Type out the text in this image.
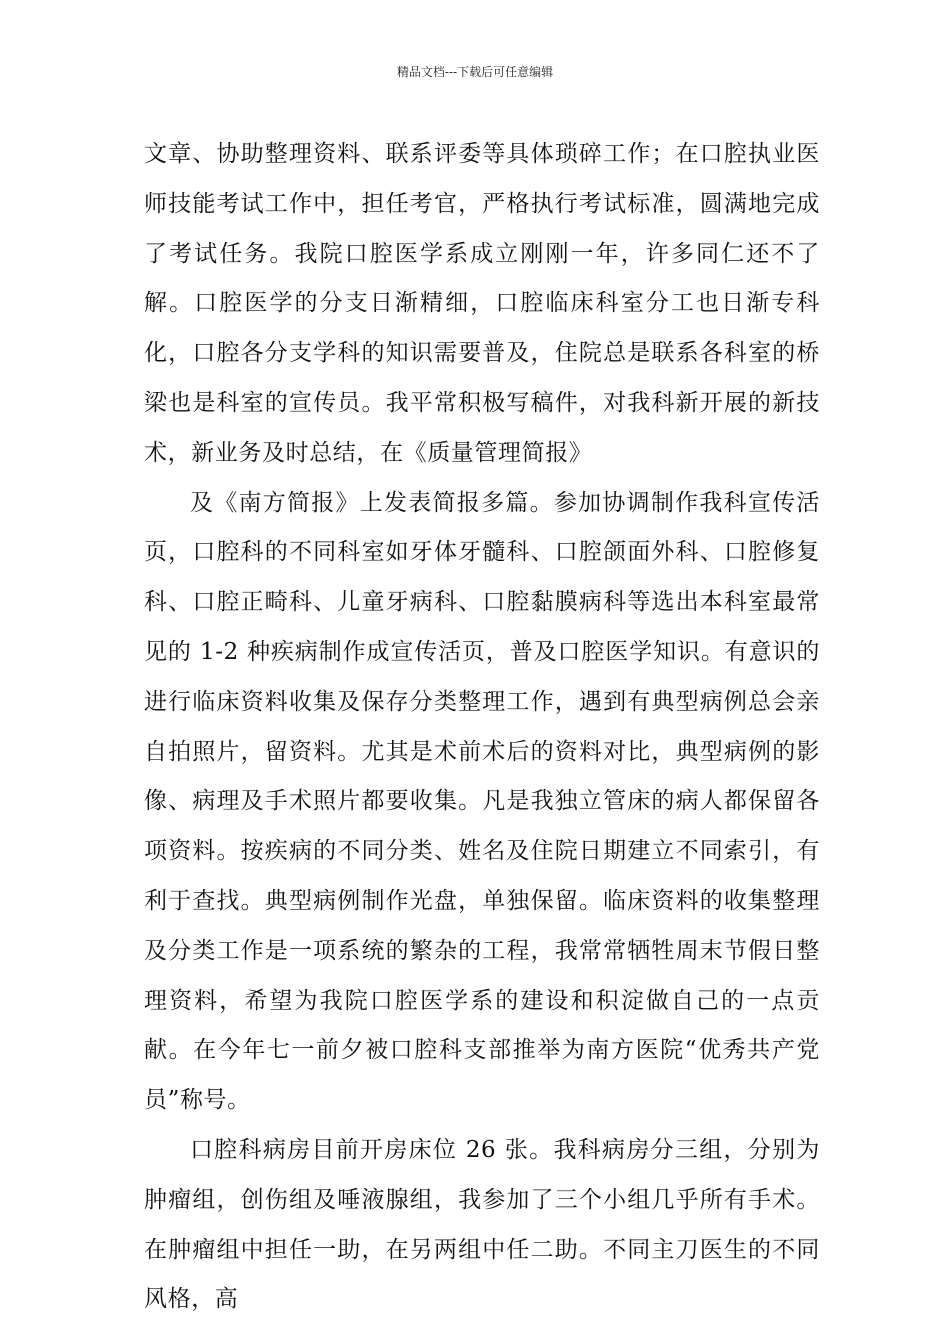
精品文档---下载后可任意编辑

文章、协助整理资料、联系评委等具体琐碎工作；在口腔执业医师技能考试工作中，担任考官，严格执行考试标准，圆满地完成了考试任务。我院口腔医学系成立刚刚一年，许多同仁还不了解。口腔医学的分支日渐精细，口腔临床科室分工也日渐专科化，口腔各分支学科的知识需要普及，住院总是联系各科室的桥梁也是科室的宣传员。我平常积极写稿件，对我科新开展的新技术，新业务及时总结，在《质量管理简报》

及《南方简报》上发表简报多篇。参加协调制作我科宣传活页，口腔科的不同科室如牙体牙髓科、口腔颌面外科、口腔修复科、口腔正畸科、儿童牙病科、口腔黏膜病科等选出本科室最常见的 1-2 种疾病制作成宣传活页，普及口腔医学知识。有意识的进行临床资料收集及保存分类整理工作，遇到有典型病例总会亲自拍照片，留资料。尤其是术前术后的资料对比，典型病例的影像、病理及手术照片都要收集。凡是我独立管床的病人都保留各项资料。按疾病的不同分类、姓名及住院日期建立不同索引，有利于查找。典型病例制作光盘，单独保留。临床资料的收集整理及分类工作是一项系统的繁杂的工程，我常常牺牲周末节假日整理资料，希望为我院口腔医学系的建设和积淀做自己的一点贡献。在今年七一前夕被口腔科支部推举为南方医院“优秀共产党员”称号。

口腔科病房目前开房床位 26 张。我科病房分三组，分别为肿瘤组，创伤组及唾液腺组，我参加了三个小组几乎所有手术。在肿瘤组中担任一助，在另两组中任二助。不同主刀医生的不同风格，高
